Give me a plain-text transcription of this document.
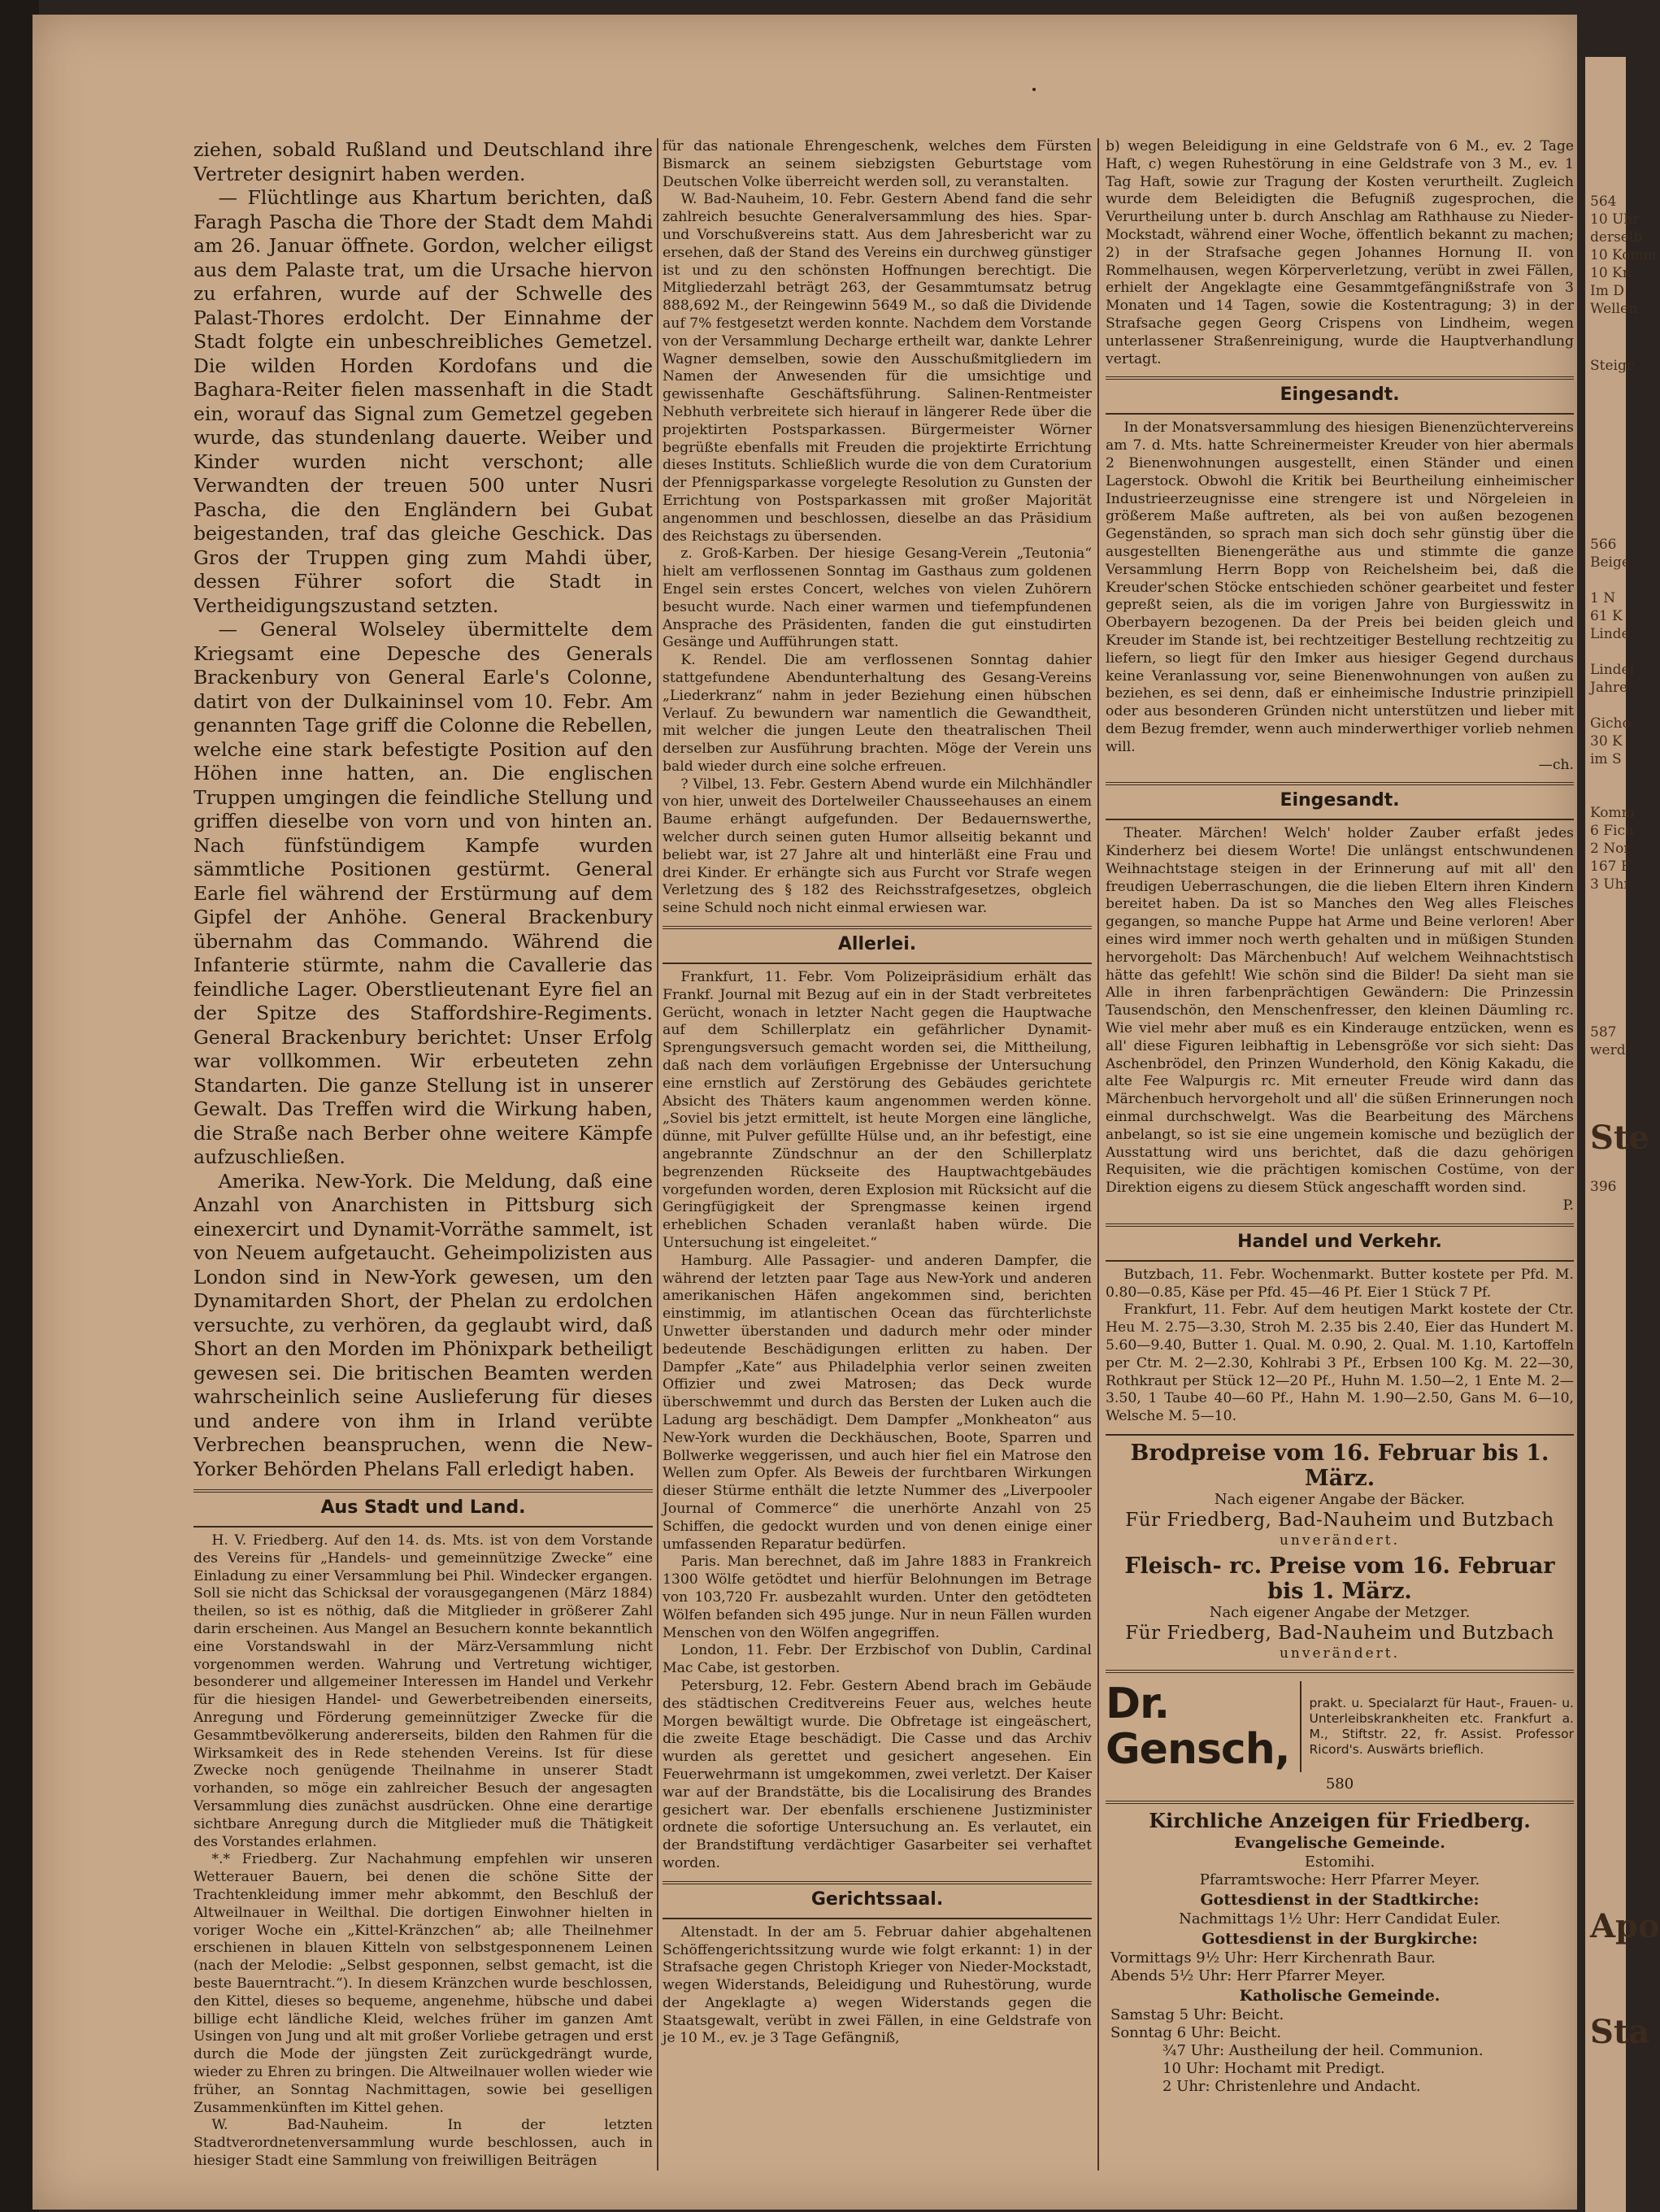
ziehen, sobald Rußland und Deutschland ihre Vertreter designirt haben werden.

— Flüchtlinge aus Khartum berichten, daß Faragh Pascha die Thore der Stadt dem Mahdi am 26. Januar öffnete. Gordon, welcher eiligst aus dem Palaste trat, um die Ursache hiervon zu erfahren, wurde auf der Schwelle des Palast-Thores erdolcht. Der Einnahme der Stadt folgte ein unbeschreibliches Gemetzel. Die wilden Horden Kordofans und die Baghara-Reiter fielen massenhaft in die Stadt ein, worauf das Signal zum Gemetzel gegeben wurde, das stundenlang dauerte. Weiber und Kinder wurden nicht verschont; alle Verwandten der treuen 500 unter Nusri Pascha, die den Engländern bei Gubat beigestanden, traf das gleiche Geschick. Das Gros der Truppen ging zum Mahdi über, dessen Führer sofort die Stadt in Vertheidigungszustand setzten.

— General Wolseley übermittelte dem Kriegsamt eine Depesche des Generals Brackenbury von General Earle's Colonne, datirt von der Dulkaininsel vom 10. Febr. Am genannten Tage griff die Colonne die Rebellen, welche eine stark befestigte Position auf den Höhen inne hatten, an. Die englischen Truppen umgingen die feindliche Stellung und griffen dieselbe von vorn und von hinten an. Nach fünfstündigem Kampfe wurden sämmtliche Positionen gestürmt. General Earle fiel während der Erstürmung auf dem Gipfel der Anhöhe. General Brackenbury übernahm das Commando. Während die Infanterie stürmte, nahm die Cavallerie das feindliche Lager. Oberstlieutenant Eyre fiel an der Spitze des Staffordshire-Regiments. General Brackenbury berichtet: Unser Erfolg war vollkommen. Wir erbeuteten zehn Standarten. Die ganze Stellung ist in unserer Gewalt. Das Treffen wird die Wirkung haben, die Straße nach Berber ohne weitere Kämpfe aufzuschließen.

Amerika. New-York. Die Meldung, daß eine Anzahl von Anarchisten in Pittsburg sich einexercirt und Dynamit-Vorräthe sammelt, ist von Neuem aufgetaucht. Geheimpolizisten aus London sind in New-York gewesen, um den Dynamitarden Short, der Phelan zu erdolchen versuchte, zu verhören, da geglaubt wird, daß Short an den Morden im Phönixpark betheiligt gewesen sei. Die britischen Beamten werden wahrscheinlich seine Auslieferung für dieses und andere von ihm in Irland verübte Verbrechen beanspruchen, wenn die New-Yorker Behörden Phelans Fall erledigt haben.

Aus Stadt und Land.

H. V. Friedberg. Auf den 14. ds. Mts. ist von dem Vorstande des Vereins für „Handels- und gemeinnützige Zwecke“ eine Einladung zu einer Versammlung bei Phil. Windecker ergangen. Soll sie nicht das Schicksal der vorausgegangenen (März 1884) theilen, so ist es nöthig, daß die Mitglieder in größerer Zahl darin erscheinen. Aus Mangel an Besuchern konnte bekanntlich eine Vorstandswahl in der März-Versammlung nicht vorgenommen werden. Wahrung und Vertretung wichtiger, besonderer und allgemeiner Interessen im Handel und Verkehr für die hiesigen Handel- und Gewerbetreibenden einerseits, Anregung und Förderung gemeinnütziger Zwecke für die Gesammtbevölkerung andererseits, bilden den Rahmen für die Wirksamkeit des in Rede stehenden Vereins. Ist für diese Zwecke noch genügende Theilnahme in unserer Stadt vorhanden, so möge ein zahlreicher Besuch der angesagten Versammlung dies zunächst ausdrücken. Ohne eine derartige sichtbare Anregung durch die Mitglieder muß die Thätigkeit des Vorstandes erlahmen.

*.* Friedberg. Zur Nachahmung empfehlen wir unseren Wetterauer Bauern, bei denen die schöne Sitte der Trachtenkleidung immer mehr abkommt, den Beschluß der Altweilnauer in Weilthal. Die dortigen Einwohner hielten in voriger Woche ein „Kittel-Kränzchen“ ab; alle Theilnehmer erschienen in blauen Kitteln von selbstgesponnenem Leinen (nach der Melodie: „Selbst gesponnen, selbst gemacht, ist die beste Bauerntracht.“). In diesem Kränzchen wurde beschlossen, den Kittel, dieses so bequeme, angenehme, hübsche und dabei billige echt ländliche Kleid, welches früher im ganzen Amt Usingen von Jung und alt mit großer Vorliebe getragen und erst durch die Mode der jüngsten Zeit zurückgedrängt wurde, wieder zu Ehren zu bringen. Die Altweilnauer wollen wieder wie früher, an Sonntag Nachmittagen, sowie bei geselligen Zusammenkünften im Kittel gehen.

W. Bad-Nauheim. In der letzten Stadtverordnetenversammlung wurde beschlossen, auch in hiesiger Stadt eine Sammlung von freiwilligen Beiträgen

für das nationale Ehrengeschenk, welches dem Fürsten Bismarck an seinem siebzigsten Geburtstage vom Deutschen Volke überreicht werden soll, zu veranstalten.

W. Bad-Nauheim, 10. Febr. Gestern Abend fand die sehr zahlreich besuchte Generalversammlung des hies. Spar- und Vorschußvereins statt. Aus dem Jahresbericht war zu ersehen, daß der Stand des Vereins ein durchweg günstiger ist und zu den schönsten Hoffnungen berechtigt. Die Mitgliederzahl beträgt 263, der Gesammtumsatz betrug 888,692 M., der Reingewinn 5649 M., so daß die Dividende auf 7% festgesetzt werden konnte. Nachdem dem Vorstande von der Versammlung Decharge ertheilt war, dankte Lehrer Wagner demselben, sowie den Ausschußmitgliedern im Namen der Anwesenden für die umsichtige und gewissenhafte Geschäftsführung. Salinen-Rentmeister Nebhuth verbreitete sich hierauf in längerer Rede über die projektirten Postsparkassen. Bürgermeister Wörner begrüßte ebenfalls mit Freuden die projektirte Errichtung dieses Instituts. Schließlich wurde die von dem Curatorium der Pfennigsparkasse vorgelegte Resolution zu Gunsten der Errichtung von Postsparkassen mit großer Majorität angenommen und beschlossen, dieselbe an das Präsidium des Reichstags zu übersenden.

z. Groß-Karben. Der hiesige Gesang-Verein „Teutonia“ hielt am verflossenen Sonntag im Gasthaus zum goldenen Engel sein erstes Concert, welches von vielen Zuhörern besucht wurde. Nach einer warmen und tiefempfundenen Ansprache des Präsidenten, fanden die gut einstudirten Gesänge und Aufführungen statt.

K. Rendel. Die am verflossenen Sonntag dahier stattgefundene Abendunterhaltung des Gesang-Vereins „Liederkranz“ nahm in jeder Beziehung einen hübschen Verlauf. Zu bewundern war namentlich die Gewandtheit, mit welcher die jungen Leute den theatralischen Theil derselben zur Ausführung brachten. Möge der Verein uns bald wieder durch eine solche erfreuen.

? Vilbel, 13. Febr. Gestern Abend wurde ein Milchhändler von hier, unweit des Dortelweiler Chausseehauses an einem Baume erhängt aufgefunden. Der Bedauernswerthe, welcher durch seinen guten Humor allseitig bekannt und beliebt war, ist 27 Jahre alt und hinterläßt eine Frau und drei Kinder. Er erhängte sich aus Furcht vor Strafe wegen Verletzung des § 182 des Reichsstrafgesetzes, obgleich seine Schuld noch nicht einmal erwiesen war.

Allerlei.

Frankfurt, 11. Febr. Vom Polizeipräsidium erhält das Frankf. Journal mit Bezug auf ein in der Stadt verbreitetes Gerücht, wonach in letzter Nacht gegen die Hauptwache auf dem Schillerplatz ein gefährlicher Dynamit-Sprengungsversuch gemacht worden sei, die Mittheilung, daß nach dem vorläufigen Ergebnisse der Untersuchung eine ernstlich auf Zerstörung des Gebäudes gerichtete Absicht des Thäters kaum angenommen werden könne. „Soviel bis jetzt ermittelt, ist heute Morgen eine längliche, dünne, mit Pulver gefüllte Hülse und, an ihr befestigt, eine angebrannte Zündschnur an der den Schillerplatz begrenzenden Rückseite des Hauptwachtgebäudes vorgefunden worden, deren Explosion mit Rücksicht auf die Geringfügigkeit der Sprengmasse keinen irgend erheblichen Schaden veranlaßt haben würde. Die Untersuchung ist eingeleitet.“

Hamburg. Alle Passagier- und anderen Dampfer, die während der letzten paar Tage aus New-York und anderen amerikanischen Häfen angekommen sind, berichten einstimmig, im atlantischen Ocean das fürchterlichste Unwetter überstanden und dadurch mehr oder minder bedeutende Beschädigungen erlitten zu haben. Der Dampfer „Kate“ aus Philadelphia verlor seinen zweiten Offizier und zwei Matrosen; das Deck wurde überschwemmt und durch das Bersten der Luken auch die Ladung arg beschädigt. Dem Dampfer „Monkheaton“ aus New-York wurden die Deckhäuschen, Boote, Sparren und Bollwerke weggerissen, und auch hier fiel ein Matrose den Wellen zum Opfer. Als Beweis der furchtbaren Wirkungen dieser Stürme enthält die letzte Nummer des „Liverpooler Journal of Commerce“ die unerhörte Anzahl von 25 Schiffen, die gedockt wurden und von denen einige einer umfassenden Reparatur bedürfen.

Paris. Man berechnet, daß im Jahre 1883 in Frankreich 1300 Wölfe getödtet und hierfür Belohnungen im Betrage von 103,720 Fr. ausbezahlt wurden. Unter den getödteten Wölfen befanden sich 495 junge. Nur in neun Fällen wurden Menschen von den Wölfen angegriffen.

London, 11. Febr. Der Erzbischof von Dublin, Cardinal Mac Cabe, ist gestorben.

Petersburg, 12. Febr. Gestern Abend brach im Gebäude des städtischen Creditvereins Feuer aus, welches heute Morgen bewältigt wurde. Die Obfretage ist eingeäschert, die zweite Etage beschädigt. Die Casse und das Archiv wurden als gerettet und gesichert angesehen. Ein Feuerwehrmann ist umgekommen, zwei verletzt. Der Kaiser war auf der Brandstätte, bis die Localisirung des Brandes gesichert war. Der ebenfalls erschienene Justizminister ordnete die sofortige Untersuchung an. Es verlautet, ein der Brandstiftung verdächtiger Gasarbeiter sei verhaftet worden.

Gerichtssaal.

Altenstadt. In der am 5. Februar dahier abgehaltenen Schöffengerichtssitzung wurde wie folgt erkannt: 1) in der Strafsache gegen Christoph Krieger von Nieder-Mockstadt, wegen Widerstands, Beleidigung und Ruhestörung, wurde der Angeklagte a) wegen Widerstands gegen die Staatsgewalt, verübt in zwei Fällen, in eine Geldstrafe von je 10 M., ev. je 3 Tage Gefängniß,

b) wegen Beleidigung in eine Geldstrafe von 6 M., ev. 2 Tage Haft, c) wegen Ruhestörung in eine Geldstrafe von 3 M., ev. 1 Tag Haft, sowie zur Tragung der Kosten verurtheilt. Zugleich wurde dem Beleidigten die Befugniß zugesprochen, die Verurtheilung unter b. durch Anschlag am Rathhause zu Nieder-Mockstadt, während einer Woche, öffentlich bekannt zu machen; 2) in der Strafsache gegen Johannes Hornung II. von Rommelhausen, wegen Körperverletzung, verübt in zwei Fällen, erhielt der Angeklagte eine Gesammtgefängnißstrafe von 3 Monaten und 14 Tagen, sowie die Kostentragung; 3) in der Strafsache gegen Georg Crispens von Lindheim, wegen unterlassener Straßenreinigung, wurde die Hauptverhandlung vertagt.

Eingesandt.

In der Monatsversammlung des hiesigen Bienenzüchtervereins am 7. d. Mts. hatte Schreinermeister Kreuder von hier abermals 2 Bienenwohnungen ausgestellt, einen Ständer und einen Lagerstock. Obwohl die Kritik bei Beurtheilung einheimischer Industrieerzeugnisse eine strengere ist und Nörgeleien in größerem Maße auftreten, als bei von außen bezogenen Gegenständen, so sprach man sich doch sehr günstig über die ausgestellten Bienengeräthe aus und stimmte die ganze Versammlung Herrn Bopp von Reichelsheim bei, daß die Kreuder'schen Stöcke entschieden schöner gearbeitet und fester gepreßt seien, als die im vorigen Jahre von Burgiesswitz in Oberbayern bezogenen. Da der Preis bei beiden gleich und Kreuder im Stande ist, bei rechtzeitiger Bestellung rechtzeitig zu liefern, so liegt für den Imker aus hiesiger Gegend durchaus keine Veranlassung vor, seine Bienenwohnungen von außen zu beziehen, es sei denn, daß er einheimische Industrie prinzipiell oder aus besonderen Gründen nicht unterstützen und lieber mit dem Bezug fremder, wenn auch minderwerthiger vorlieb nehmen will.

—ch.

Eingesandt.

Theater. Märchen! Welch' holder Zauber erfaßt jedes Kinderherz bei diesem Worte! Die unlängst entschwundenen Weihnachtstage steigen in der Erinnerung auf mit all' den freudigen Ueberraschungen, die die lieben Eltern ihren Kindern bereitet haben. Da ist so Manches den Weg alles Fleisches gegangen, so manche Puppe hat Arme und Beine verloren! Aber eines wird immer noch werth gehalten und in müßigen Stunden hervorgeholt: Das Märchenbuch! Auf welchem Weihnachtstisch hätte das gefehlt! Wie schön sind die Bilder! Da sieht man sie Alle in ihren farbenprächtigen Gewändern: Die Prinzessin Tausendschön, den Menschenfresser, den kleinen Däumling rc. Wie viel mehr aber muß es ein Kinderauge entzücken, wenn es all' diese Figuren leibhaftig in Lebensgröße vor sich sieht: Das Aschenbrödel, den Prinzen Wunderhold, den König Kakadu, die alte Fee Walpurgis rc. Mit erneuter Freude wird dann das Märchenbuch hervorgeholt und all' die süßen Erinnerungen noch einmal durchschwelgt. Was die Bearbeitung des Märchens anbelangt, so ist sie eine ungemein komische und bezüglich der Ausstattung wird uns berichtet, daß die dazu gehörigen Requisiten, wie die prächtigen komischen Costüme, von der Direktion eigens zu diesem Stück angeschafft worden sind.

P.

Handel und Verkehr.

Butzbach, 11. Febr. Wochenmarkt. Butter kostete per Pfd. M. 0.80—0.85, Käse per Pfd. 45—46 Pf. Eier 1 Stück 7 Pf.

Frankfurt, 11. Febr. Auf dem heutigen Markt kostete der Ctr. Heu M. 2.75—3.30, Stroh M. 2.35 bis 2.40, Eier das Hundert M. 5.60—9.40, Butter 1. Qual. M. 0.90, 2. Qual. M. 1.10, Kartoffeln per Ctr. M. 2—2.30, Kohlrabi 3 Pf., Erbsen 100 Kg. M. 22—30, Rothkraut per Stück 12—20 Pf., Huhn M. 1.50—2, 1 Ente M. 2—3.50, 1 Taube 40—60 Pf., Hahn M. 1.90—2.50, Gans M. 6—10, Welsche M. 5—10.

Brodpreise vom 16. Februar bis 1. März.
Nach eigener Angabe der Bäcker.
Für Friedberg, Bad-Nauheim und Butzbach
unverändert.
Fleisch- rc. Preise vom 16. Februar bis 1. März.
Nach eigener Angabe der Metzger.
Für Friedberg, Bad-Nauheim und Butzbach
unverändert.
Dr. Gensch,
prakt. u. Specialarzt für Haut-, Frauen- u. Unterleibskrankheiten etc. Frankfurt a. M., Stiftstr. 22, fr. Assist. Professor Ricord's. Auswärts brieflich.
580
Kirchliche Anzeigen für Friedberg.
Evangelische Gemeinde.
Estomihi.
Pfarramtswoche: Herr Pfarrer Meyer.
Gottesdienst in der Stadtkirche:
Nachmittags 1½ Uhr: Herr Candidat Euler.
Gottesdienst in der Burgkirche:
Vormittags 9½ Uhr: Herr Kirchenrath Baur.
Abends 5½ Uhr: Herr Pfarrer Meyer.
Katholische Gemeinde.
Samstag 5 Uhr: Beicht.
Sonntag 6 Uhr: Beicht.
¾7 Uhr: Austheilung der heil. Communion.
10 Uhr: Hochamt mit Predigt.
2 Uhr: Christenlehre und Andacht.
564
10 Uhr
derselb
10 Komm
10 Kn
Im D
Wellen
Steigr
566
Beige
1 N
61 K
Linde
Lindei
Jahre
Gicho
30 K
im S
Komm
6 Fich
2 Nor
167 F
3 Uhr
587
werd
Ste
396
Apo
Sta
